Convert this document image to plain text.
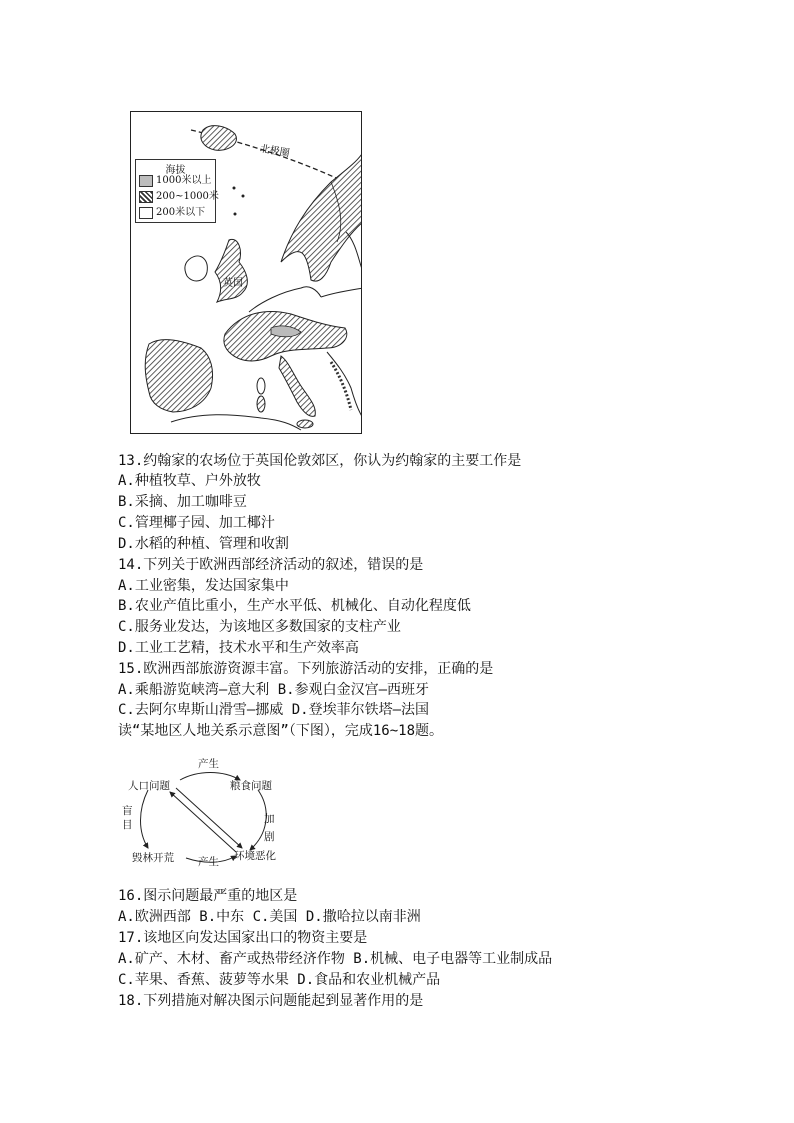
海拔
1000米以上
200~1000米
200米以下
北极圈
英国
13.约翰家的农场位于英国伦敦郊区，你认为约翰家的主要工作是
A.种植牧草、户外放牧
B.采摘、加工咖啡豆
C.管理椰子园、加工椰汁
D.水稻的种植、管理和收割
14.下列关于欧洲西部经济活动的叙述，错误的是
A.工业密集，发达国家集中
B.农业产值比重小，生产水平低、机械化、自动化程度低
C.服务业发达，为该地区多数国家的支柱产业
D.工业工艺精，技术水平和生产效率高
15.欧洲西部旅游资源丰富。下列旅游活动的安排，正确的是
A.乘船游览峡湾—意大利 B.参观白金汉宫—西班牙
C.去阿尔卑斯山滑雪—挪威 D.登埃菲尔铁塔—法国
读“某地区人地关系示意图”（下图），完成16~18题。
人口问题	粮食问题
环境恶化
毁林开荒
产生
加剧
产生
盲目
16.图示问题最严重的地区是
A.欧洲西部 B.中东 C.美国 D.撒哈拉以南非洲
17.该地区向发达国家出口的物资主要是
A.矿产、木材、畜产或热带经济作物 B.机械、电子电器等工业制成品
C.苹果、香蕉、菠萝等水果 D.食品和农业机械产品
18.下列措施对解决图示问题能起到显著作用的是
